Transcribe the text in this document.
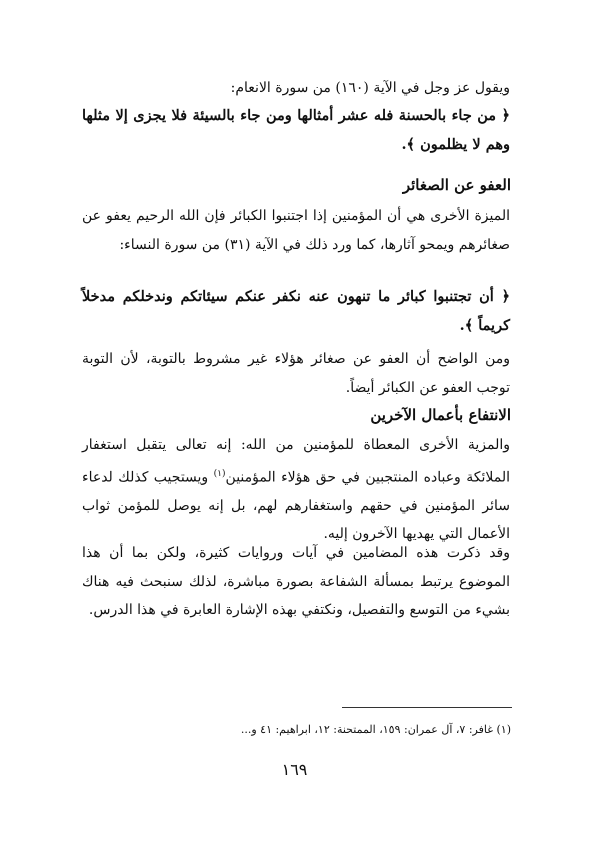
ويقول عز وجل في الآية (١٦٠) من سورة الانعام:
﴿ من جاء بالحسنة فله عشر أمثالها ومن جاء بالسيئة فلا يجزى إلا مثلها وهم لا يظلمون ﴾.
العفو عن الصغائر
الميزة الأخرى هي أن المؤمنين إذا اجتنبوا الكبائر فإن الله الرحيم يعفو عن صغائرهم ويمحو آثارها، كما ورد ذلك في الآية (٣١) من سورة النساء:
﴿ أن تجتنبوا كبائر ما تنهون عنه نكفر عنكم سيئاتكم وندخلكم مدخلاً كريماً ﴾.
ومن الواضح أن العفو عن صغائر هؤلاء غير مشروط بالتوبة، لأن التوبة توجب العفو عن الكبائر أيضاً.
الانتفاع بأعمال الآخرين
والمزية الأخرى المعطاة للمؤمنين من الله: إنه تعالى يتقبل استغفار الملائكة وعباده المنتجبين في حق هؤلاء المؤمنين$^{(١)}$ ويستجيب كذلك لدعاء سائر المؤمنين في حقهم واستغفارهم لهم، بل إنه يوصل للمؤمن ثواب الأعمال التي يهديها الآخرون إليه.
وقد ذكرت هذه المضامين في آيات وروايات كثيرة، ولكن بما أن هذا الموضوع يرتبط بمسألة الشفاعة بصورة مباشرة، لذلك سنبحث فيه هناك بشيء من التوسع والتفصيل، ونكتفي بهذه الإشارة العابرة في هذا الدرس.
(١) غافر: ٧، آل عمران: ١٥٩، الممتحنة: ١٢، ابراهيم: ٤١ و...
١٦٩
